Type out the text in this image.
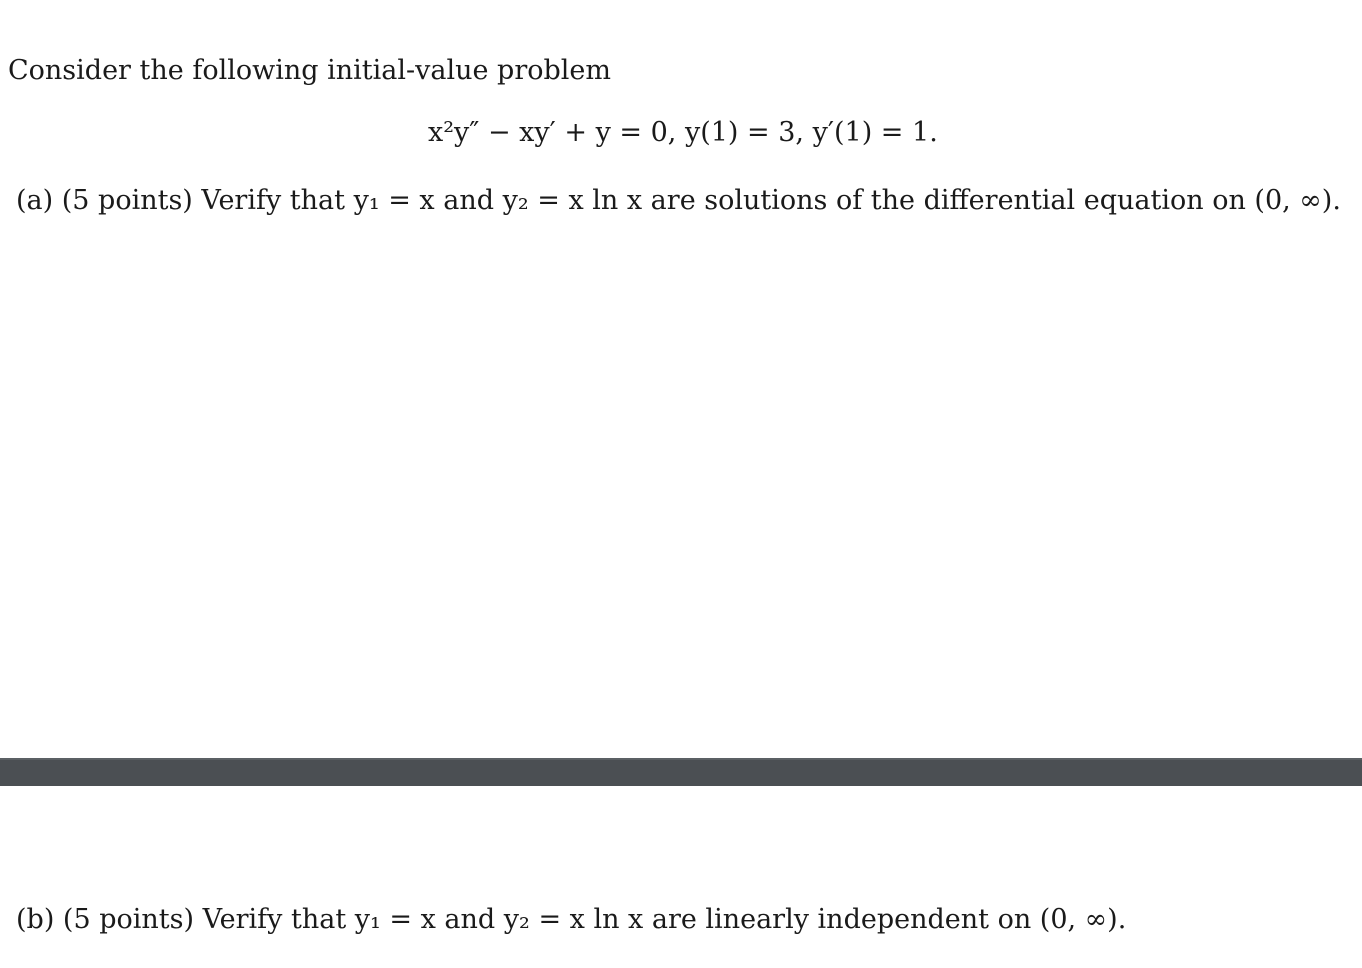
Consider the following initial-value problem
x²y″ − xy′ + y = 0, y(1) = 3, y′(1) = 1.
(a) (5 points) Verify that y₁ = x and y₂ = x ln x are solutions of the differential equation on (0, ∞).
(b) (5 points) Verify that y₁ = x and y₂ = x ln x are linearly independent on (0, ∞).
